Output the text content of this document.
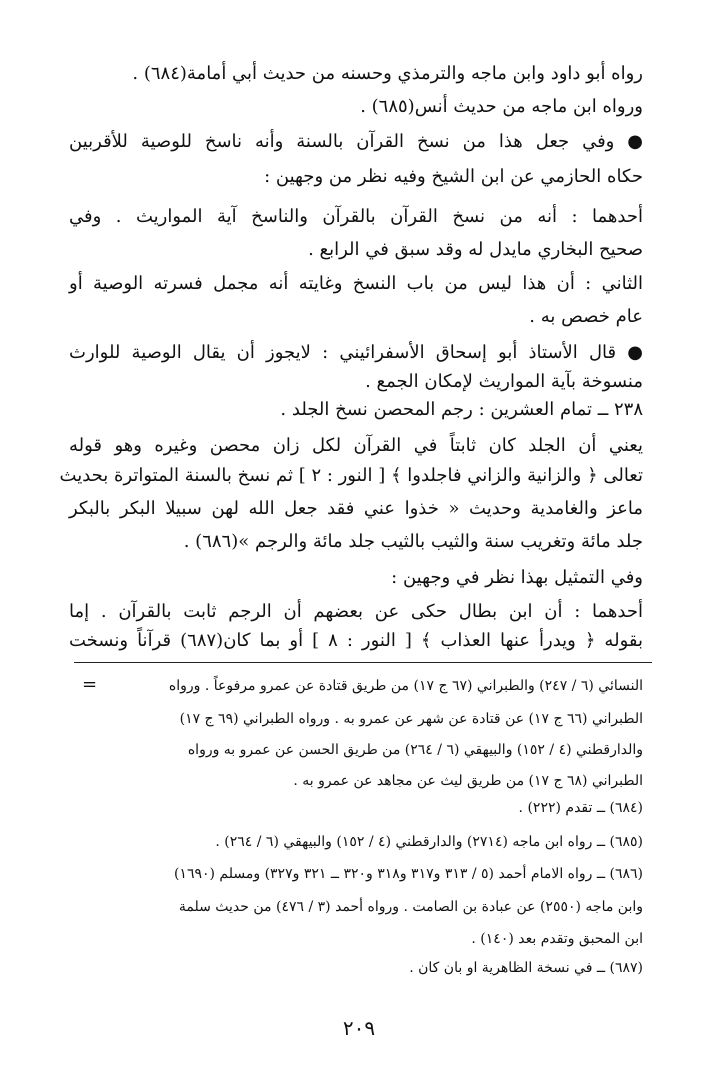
رواه أبو داود وابن ماجه والترمذي وحسنه من حديث أبي أمامة(٦٨٤) .
ورواه ابن ماجه من حديث أنس(٦٨٥) .
● وفي جعل هذا من نسخ القرآن بالسنة وأنه ناسخ للوصية للأقربين
حكاه الحازمي عن ابن الشيخ وفيه نظر من وجهين :
أحدهما : أنه من نسخ القرآن بالقرآن والناسخ آية المواريث . وفي
صحيح البخاري مايدل له وقد سبق في الرابع .
الثاني : أن هذا ليس من باب النسخ وغايته أنه مجمل فسرته الوصية أو
عام خصص به .
● قال الأستاذ أبو إسحاق الأسفرائيني : لايجوز أن يقال الوصية للوارث
منسوخة بآية المواريث لإمكان الجمع .
٢٣٨ ــ تمام العشرين : رجم المحصن نسخ الجلد .
يعني أن الجلد كان ثابتاً في القرآن لكل زان محصن وغيره وهو قوله
تعالى ﴿ والزانية والزاني فاجلدوا ﴾ [ النور : ٢ ] ثم نسخ بالسنة المتواترة بحديث
ماعز والغامدية وحديث « خذوا عني فقد جعل الله لهن سبيلا البكر بالبكر
جلد مائة وتغريب سنة والثيب بالثيب جلد مائة والرجم »(٦٨٦) .
وفي التمثيل بهذا نظر في وجهين :
أحدهما : أن ابن بطال حكى عن بعضهم أن الرجم ثابت بالقرآن . إما
بقوله ﴿ ويدرأ عنها العذاب ﴾ [ النور : ٨ ] أو بما كان(٦٨٧) قرآناً ونسخت
=	النسائي (٦ / ٢٤٧) والطبراني (٦٧ ج ١٧) من طريق قتادة عن عمرو مرفوعاً . ورواه
الطبراني (٦٦ ج ١٧) عن قتادة عن شهر عن عمرو به . ورواه الطبراني (٦٩ ج ١٧)
والدارقطني (٤ / ١٥٢) والبيهقي (٦ / ٢٦٤) من طريق الحسن عن عمرو به ورواه
الطبراني (٦٨ ج ١٧) من طريق ليث عن مجاهد عن عمرو به .
(٦٨٤) ــ تقدم (٢٢٢) .
(٦٨٥) ــ رواه ابن ماجه (٢٧١٤) والدارقطني (٤ / ١٥٢) والبيهقي (٦ / ٢٦٤) .
(٦٨٦) ــ رواه الامام أحمد (٥ / ٣١٣ و٣١٧ و٣١٨ و٣٢٠ ــ ٣٢١ و٣٢٧) ومسلم (١٦٩٠)
وابن ماجه (٢٥٥٠) عن عبادة بن الصامت . ورواه أحمد (٣ / ٤٧٦) من حديث سلمة
ابن المحبق وتقدم بعد (١٤٠) .
(٦٨٧) ــ في نسخة الظاهرية او بان كان .
٢٠٩
